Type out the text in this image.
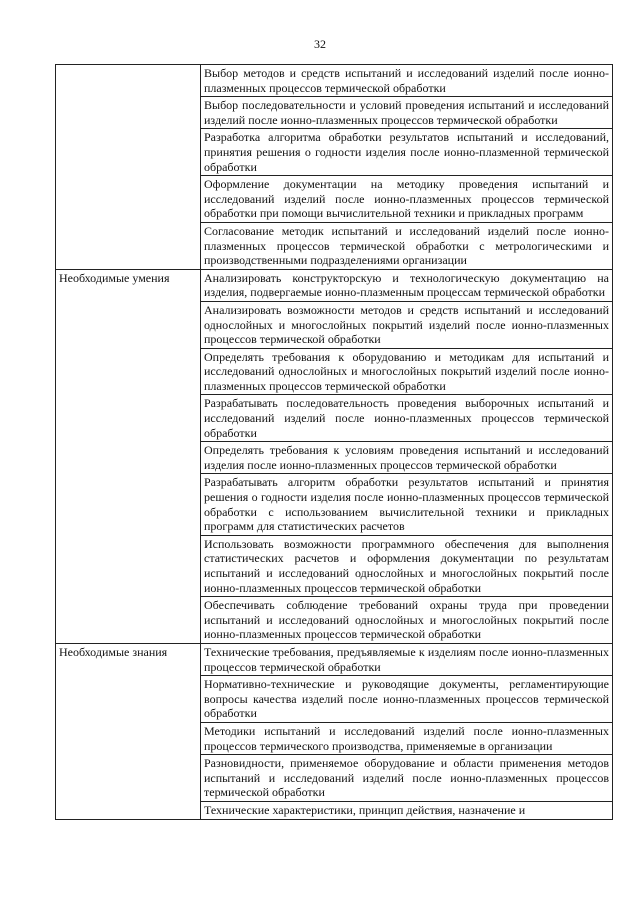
32
	Выбор методов и средств испытаний и исследований изделий после ионно-плазменных процессов термической обработки
	Выбор последовательности и условий проведения испытаний и исследований изделий после ионно-плазменных процессов термической обработки
	Разработка алгоритма обработки результатов испытаний и исследований, принятия решения о годности изделия после ионно-плазменной термической обработки
	Оформление документации на методику проведения испытаний и исследований изделий после ионно-плазменных процессов термической обработки при помощи вычислительной техники и прикладных программ
	Согласование методик испытаний и исследований изделий после ионно-плазменных процессов термической обработки с метрологическими и производственными подразделениями организации
Необходимые умения	Анализировать конструкторскую и технологическую документацию на изделия, подвергаемые ионно-плазменным процессам термической обработки
	Анализировать возможности методов и средств испытаний и исследований однослойных и многослойных покрытий изделий после ионно-плазменных процессов термической обработки
	Определять требования к оборудованию и методикам для испытаний и исследований однослойных и многослойных покрытий изделий после ионно-плазменных процессов термической обработки
	Разрабатывать последовательность проведения выборочных испытаний и исследований изделий после ионно-плазменных процессов термической обработки
	Определять требования к условиям проведения испытаний и исследований изделия после ионно-плазменных процессов термической обработки
	Разрабатывать алгоритм обработки результатов испытаний и принятия решения о годности изделия после ионно-плазменных процессов термической обработки с использованием вычислительной техники и прикладных программ для статистических расчетов
	Использовать возможности программного обеспечения для выполнения статистических расчетов и оформления документации по результатам испытаний и исследований однослойных и многослойных покрытий после ионно-плазменных процессов термической обработки
	Обеспечивать соблюдение требований охраны труда при проведении испытаний и исследований однослойных и многослойных покрытий после ионно-плазменных процессов термической обработки
Необходимые знания	Технические требования, предъявляемые к изделиям после ионно-плазменных процессов термической обработки
	Нормативно-технические и руководящие документы, регламентирующие вопросы качества изделий после ионно-плазменных процессов термической обработки
	Методики испытаний и исследований изделий после ионно-плазменных процессов термического производства, применяемые в организации
	Разновидности, применяемое оборудование и области применения методов испытаний и исследований изделий после ионно-плазменных процессов термической обработки
	Технические характеристики, принцип действия, назначение и
